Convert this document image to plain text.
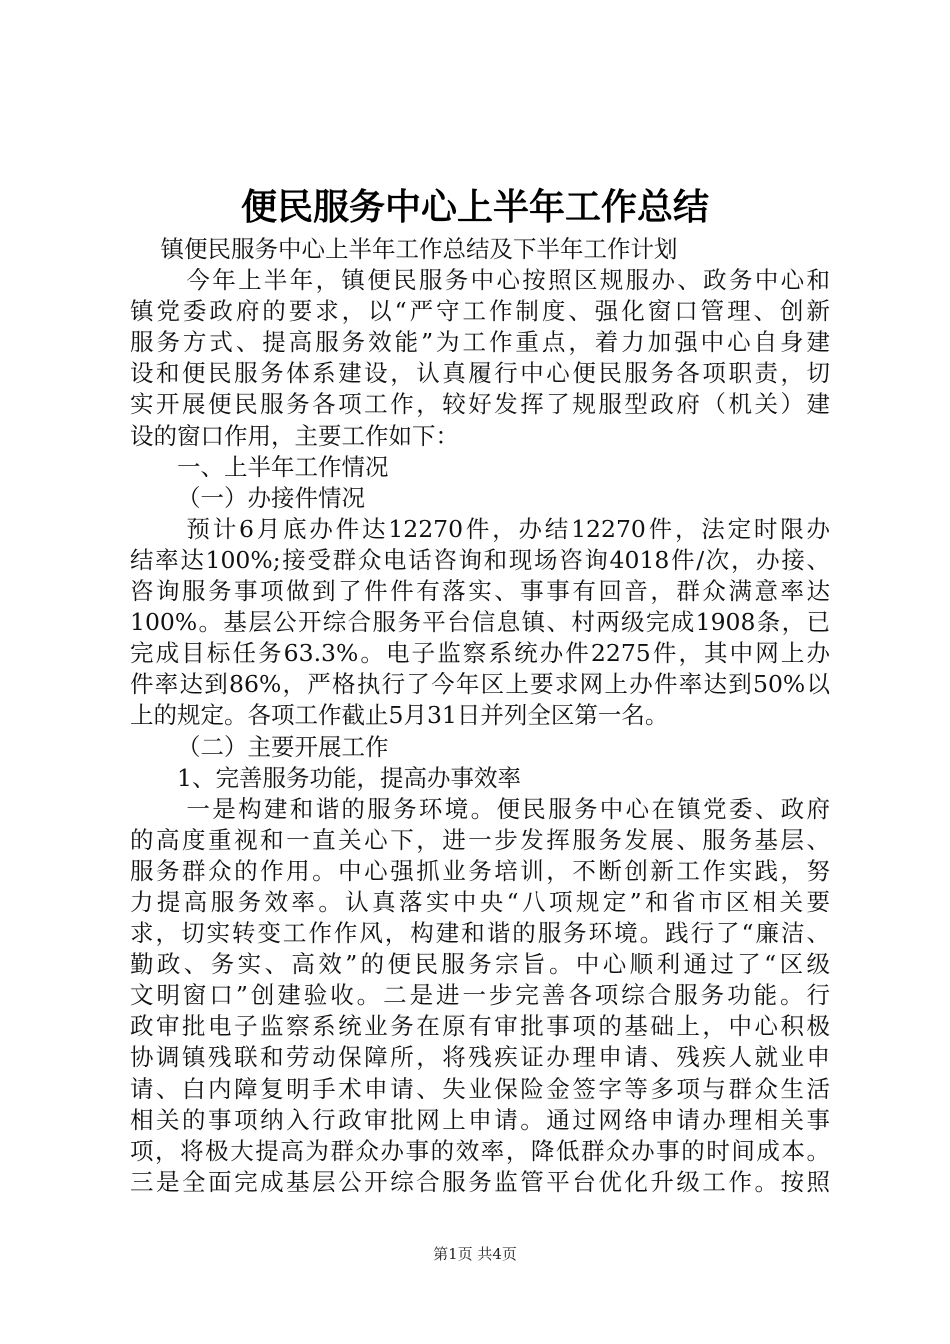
便民服务中心上半年工作总结
镇便民服务中心上半年工作总结及下半年工作计划
今年上半年，镇便民服务中心按照区规服办、政务中心和
镇党委政府的要求，以“严守工作制度、强化窗口管理、创新
服务方式、提高服务效能”为工作重点，着力加强中心自身建
设和便民服务体系建设，认真履行中心便民服务各项职责，切
实开展便民服务各项工作，较好发挥了规服型政府（机关）建
设的窗口作用，主要工作如下：
一、上半年工作情况
（一）办接件情况
预计6月底办件达12270件，办结12270件，法定时限办
结率达100%;接受群众电话咨询和现场咨询4018件/次，办接、
咨询服务事项做到了件件有落实、事事有回音，群众满意率达
100%。基层公开综合服务平台信息镇、村两级完成1908条，已
完成目标任务63.3%。电子监察系统办件2275件，其中网上办
件率达到86%，严格执行了今年区上要求网上办件率达到50%以
上的规定。各项工作截止5月31日并列全区第一名。
（二）主要开展工作
1、完善服务功能，提高办事效率
一是构建和谐的服务环境。便民服务中心在镇党委、政府
的高度重视和一直关心下，进一步发挥服务发展、服务基层、
服务群众的作用。中心强抓业务培训，不断创新工作实践，努
力提高服务效率。认真落实中央“八项规定”和省市区相关要
求，切实转变工作作风，构建和谐的服务环境。践行了“廉洁、
勤政、务实、高效”的便民服务宗旨。中心顺利通过了“区级
文明窗口”创建验收。二是进一步完善各项综合服务功能。行
政审批电子监察系统业务在原有审批事项的基础上，中心积极
协调镇残联和劳动保障所，将残疾证办理申请、残疾人就业申
请、白内障复明手术申请、失业保险金签字等多项与群众生活
相关的事项纳入行政审批网上申请。通过网络申请办理相关事
项，将极大提高为群众办事的效率，降低群众办事的时间成本。
三是全面完成基层公开综合服务监管平台优化升级工作。按照
第1页 共4页
